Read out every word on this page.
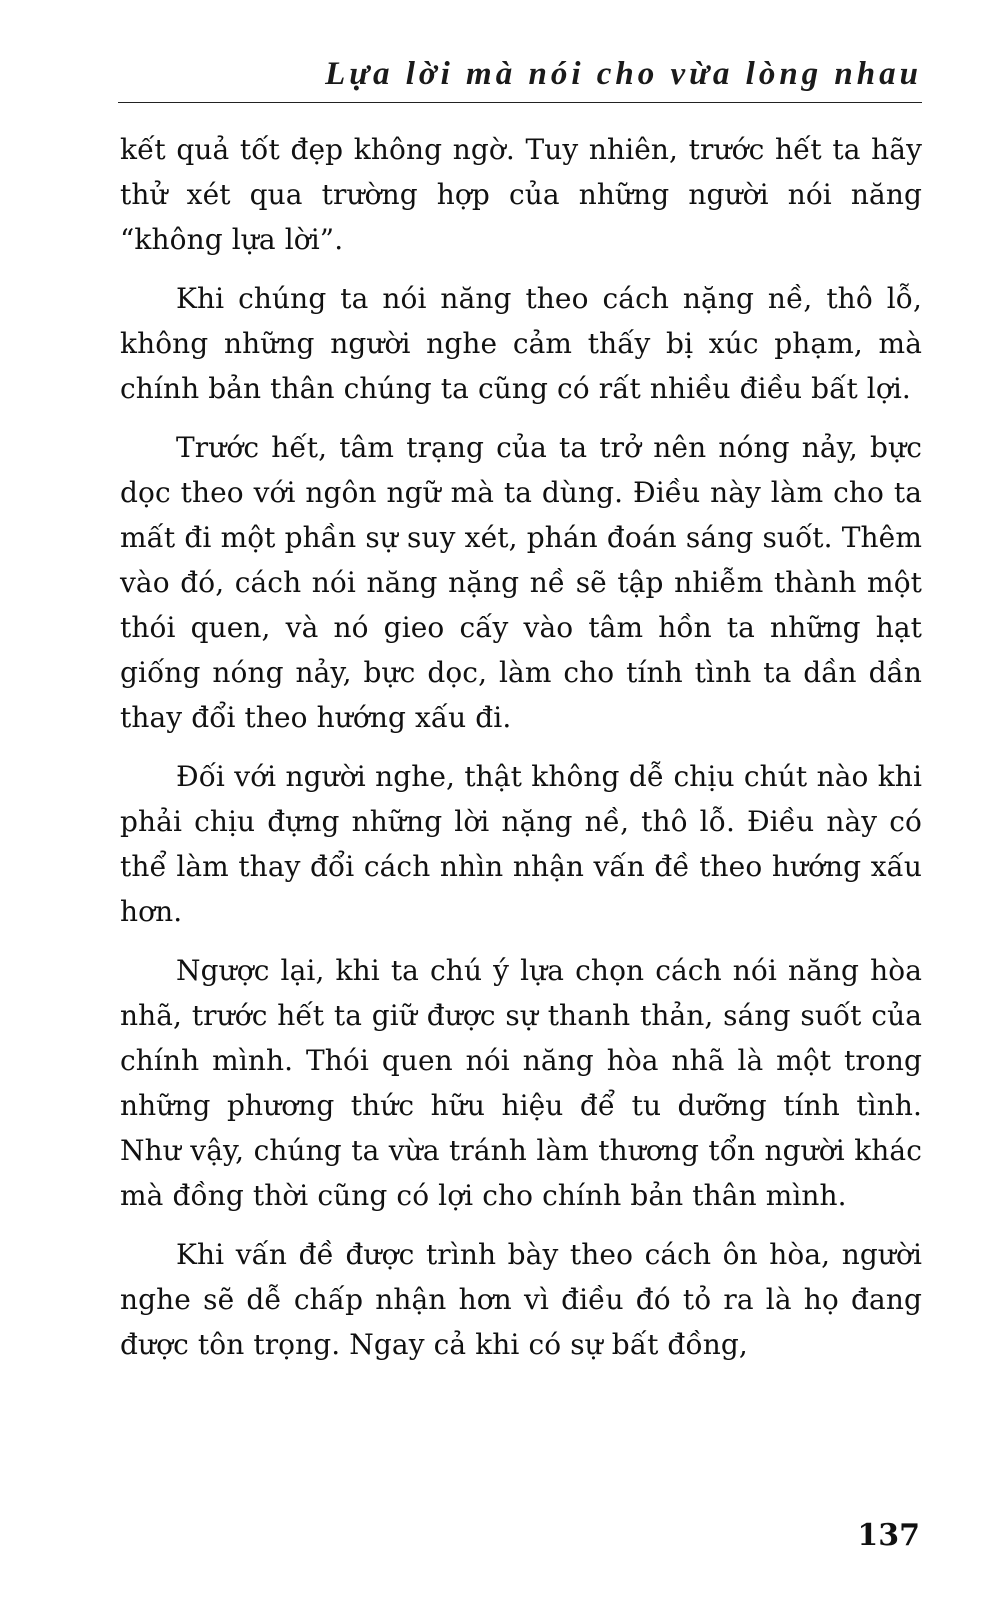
Lựa lời mà nói cho vừa lòng nhau

kết quả tốt đẹp không ngờ. Tuy nhiên, trước hết ta hãy thử xét qua trường hợp của những người nói năng “không lựa lời”.

Khi chúng ta nói năng theo cách nặng nề, thô lỗ, không những người nghe cảm thấy bị xúc phạm, mà chính bản thân chúng ta cũng có rất nhiều điều bất lợi.

Trước hết, tâm trạng của ta trở nên nóng nảy, bực dọc theo với ngôn ngữ mà ta dùng. Điều này làm cho ta mất đi một phần sự suy xét, phán đoán sáng suốt. Thêm vào đó, cách nói năng nặng nề sẽ tập nhiễm thành một thói quen, và nó gieo cấy vào tâm hồn ta những hạt giống nóng nảy, bực dọc, làm cho tính tình ta dần dần thay đổi theo hướng xấu đi.

Đối với người nghe, thật không dễ chịu chút nào khi phải chịu đựng những lời nặng nề, thô lỗ. Điều này có thể làm thay đổi cách nhìn nhận vấn đề theo hướng xấu hơn.

Ngược lại, khi ta chú ý lựa chọn cách nói năng hòa nhã, trước hết ta giữ được sự thanh thản, sáng suốt của chính mình. Thói quen nói năng hòa nhã là một trong những phương thức hữu hiệu để tu dưỡng tính tình. Như vậy, chúng ta vừa tránh làm thương tổn người khác mà đồng thời cũng có lợi cho chính bản thân mình.

Khi vấn đề được trình bày theo cách ôn hòa, người nghe sẽ dễ chấp nhận hơn vì điều đó tỏ ra là họ đang được tôn trọng. Ngay cả khi có sự bất đồng,

137
